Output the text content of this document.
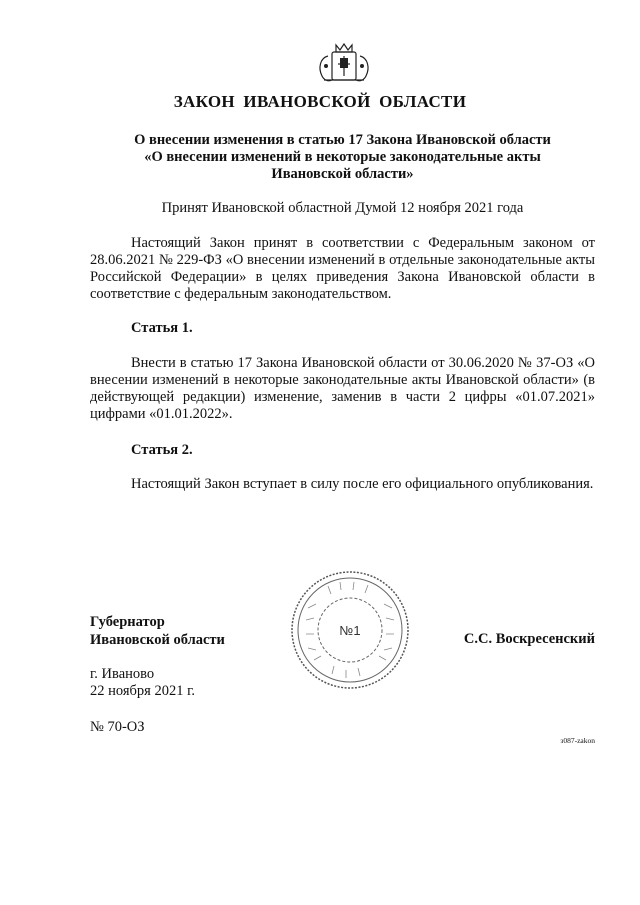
ЗАКОН ИВАНОВСКОЙ ОБЛАСТИ
О внесении изменения в статью 17 Закона Ивановской области
«О внесении изменений в некоторые законодательные акты
Ивановской области»
Принят Ивановской областной Думой 12 ноября 2021 года
Настоящий Закон принят в соответствии с Федеральным законом от 28.06.2021 № 229-ФЗ «О внесении изменений в отдельные законодательные акты Российской Федерации» в целях приведения Закона Ивановской области в соответствие с федеральным законодательством.
Статья 1.
Внести в статью 17 Закона Ивановской области от 30.06.2020 № 37-ОЗ «О внесении изменений в некоторые законодательные акты Ивановской области» (в действующей редакции) изменение, заменив в части 2 цифры «01.07.2021» цифрами «01.01.2022».
Статья 2.
Настоящий Закон вступает в силу после его официального опубликования.
Губернатор
Ивановской области
№1
С.С. Воскресенский
г. Иваново
22 ноября 2021 г.
№ 70-ОЗ
з087-zakon
